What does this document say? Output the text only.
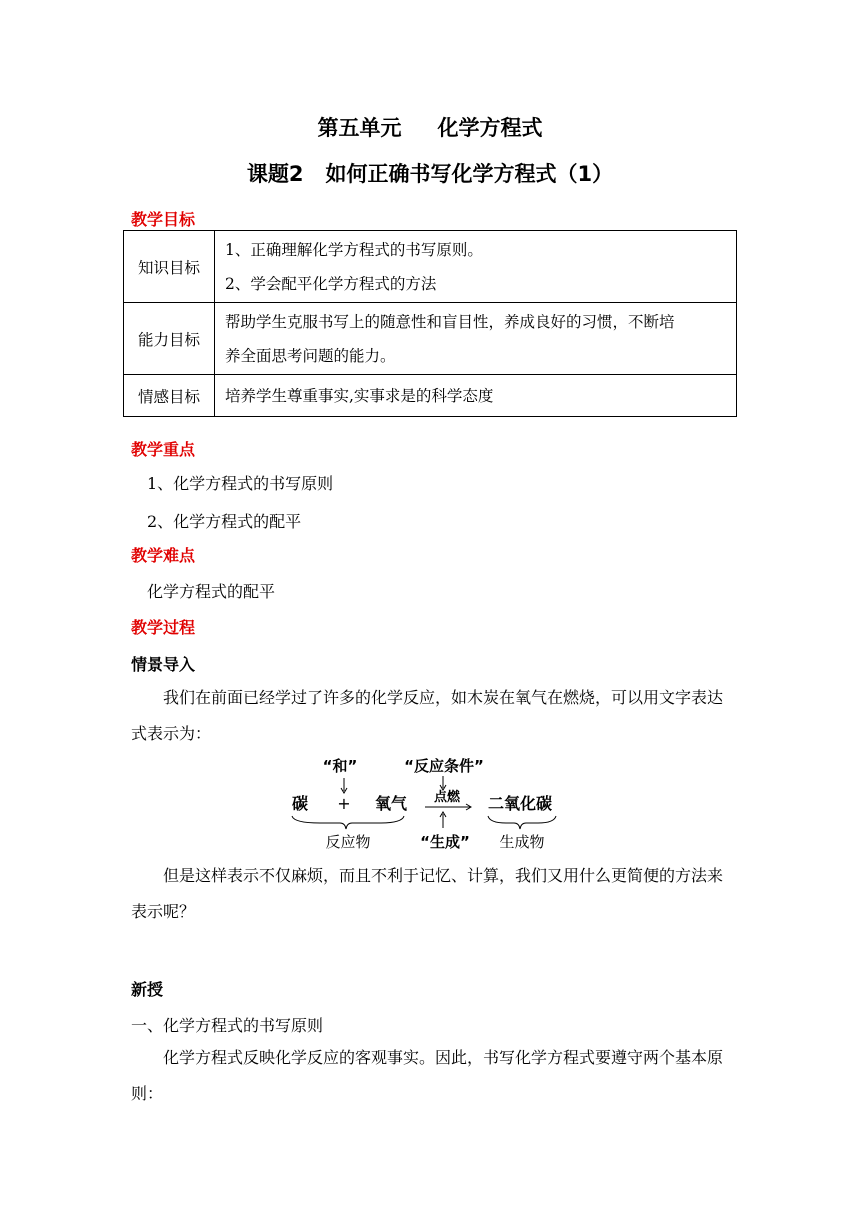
第五单元 化学方程式
课题2   如何正确书写化学方程式（1）
教学目标
知识目标	1、正确理解化学方程式的书写原则。
2、学会配平化学方程式的方法

能力目标	帮助学生克服书写上的随意性和盲目性，养成良好的习惯，不断培
养全面思考问题的能力。

情感目标	培养学生尊重事实,实事求是的科学态度
教学重点
1、化学方程式的书写原则
2、化学方程式的配平
教学难点
化学方程式的配平
教学过程
情景导入
我们在前面已经学过了许多的化学反应，如木炭在氧气在燃烧，可以用文字表达式表示为：
“和”	“反应条件”
碳 + 氧气 点燃 二氧化碳
反应物	“生成” 生成物
但是这样表示不仅麻烦，而且不利于记忆、计算，我们又用什么更简便的方法来表示呢？
新授
一、化学方程式的书写原则
化学方程式反映化学反应的客观事实。因此，书写化学方程式要遵守两个基本原则：
